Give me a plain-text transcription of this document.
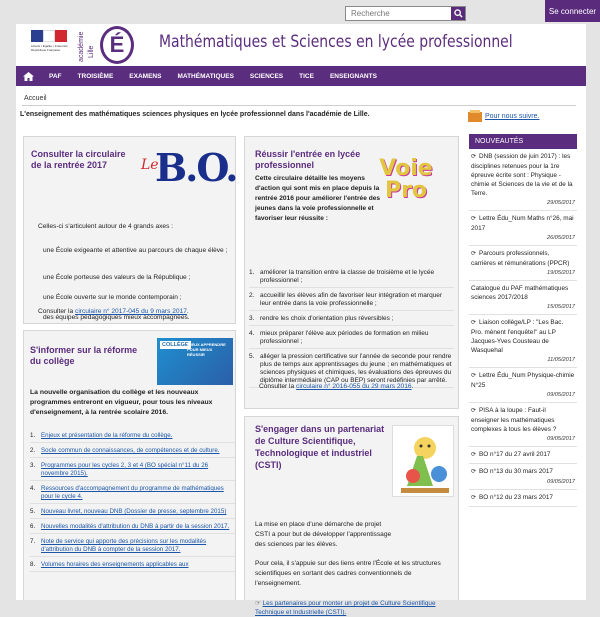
Recherche
Se connecter
Liberté • Égalité • Fraternité
République Française	académie Lille É	Mathématiques et Sciences en lycée professionnel
PAF	TROISIÈME	EXAMENS	MATHÉMATIQUES	SCIENCES	TICE	ENSEIGNANTS
Accueil
L'enseignement des mathématiques sciences physiques en lycée professionnel dans l'académie de Lille.	Pour nous suivre.
Consulter la circulaire de la rentrée 2017	Le
B.O.
Celles-ci s'articulent autour de 4 grands axes :
une École exigeante et attentive au parcours de chaque élève ;
une École porteuse des valeurs de la République ;
une École ouverte sur le monde contemporain ;
des équipes pédagogiques mieux accompagnées.
Consulter la circulaire n° 2017-045 du 9 mars 2017.
S'informer sur la réforme du collège
COLLÈGE
MIEUX APPRENDRE POUR MIEUX RÉUSSIR
La nouvelle organisation du collège et les nouveaux programmes entreront en vigueur, pour tous les niveaux d'enseignement, à la rentrée scolaire 2016.
1. Enjeux et présentation de la réforme du collège.
2. Socle commun de connaissances, de compétences et de culture.
3. Programmes pour les cycles 2, 3 et 4 (BO spécial n°11 du 26 novembre 2015).
4. Ressources d'accompagnement du programme de mathématiques pour le cycle 4.
5. Nouveau livret, nouveau DNB (Dossier de presse, septembre 2015)
6. Nouvelles modalités d'attribution du DNB à partir de la session 2017.
7. Note de service qui apporte des précisions sur les modalités d'attribution du DNB à compter de la session 2017.
8. Volumes horaires des enseignements applicables aux
Réussir l'entrée en lycée professionnel	Voie Pro
Cette circulaire détaille les moyens d'action qui sont mis en place depuis la rentrée 2016 pour améliorer l'entrée des jeunes dans la voie professionnelle et favoriser leur réussite :
1. améliorer la transition entre la classe de troisième et le lycée professionnel ;
2. accueillir les élèves afin de favoriser leur intégration et marquer leur entrée dans la voie professionnelle ;
3. rendre les choix d'orientation plus réversibles ;
4. mieux préparer l'élève aux périodes de formation en milieu professionnel ;
5. alléger la pression certificative sur l'année de seconde pour rendre plus de temps aux apprentissages du jeune ; en mathématiques et sciences physiques et chimiques, les évaluations des épreuves du diplôme intermédiaire (CAP ou BEP) seront redéfinies par arrêté.
Consulter la circulaire n° 2016-055 du 29 mars 2016.
S'engager dans un partenariat de Culture Scientifique, Technologique et industriel (CSTI)
La mise en place d'une démarche de projet CSTI a pour but de développer l'apprentissage des sciences par les élèves.
Pour cela, il s'appuie sur des liens entre l'École et les structures scientifiques en sortant des cadres conventionnels de l'enseignement.
☞ Les partenaires pour monter un projet de Culture Scientifique Technique et Industrielle (CSTI).
NOUVEAUTÉS
⟳ DNB (session de juin 2017) : les disciplines retenues pour la 1re épreuve écrite sont : Physique - chimie et Sciences de la vie et de la Terre.
29/05/2017
⟳ Lettre Édu_Num Maths n°26, mai 2017
26/05/2017
⟳ Parcours professionnels, carrières et rémunérations (PPCR)
19/05/2017
Catalogue du PAF mathématiques sciences 2017/2018
15/05/2017
⟳ Liaison collège/LP : "Les Bac. Pro. mènent l'enquête!" au LP Jacques-Yves Cousteau de Wasquehal
11/05/2017
⟳ Lettre Édu_Num Physique-chimie N°25
09/05/2017
⟳ PISA à la loupe : Faut-il enseigner les mathématiques complexes à tous les élèves ?
09/05/2017
⟳ BO n°17 du 27 avril 2017
⟳ BO n°13 du 30 mars 2017
09/05/2017
⟳ BO n°12 du 23 mars 2017
